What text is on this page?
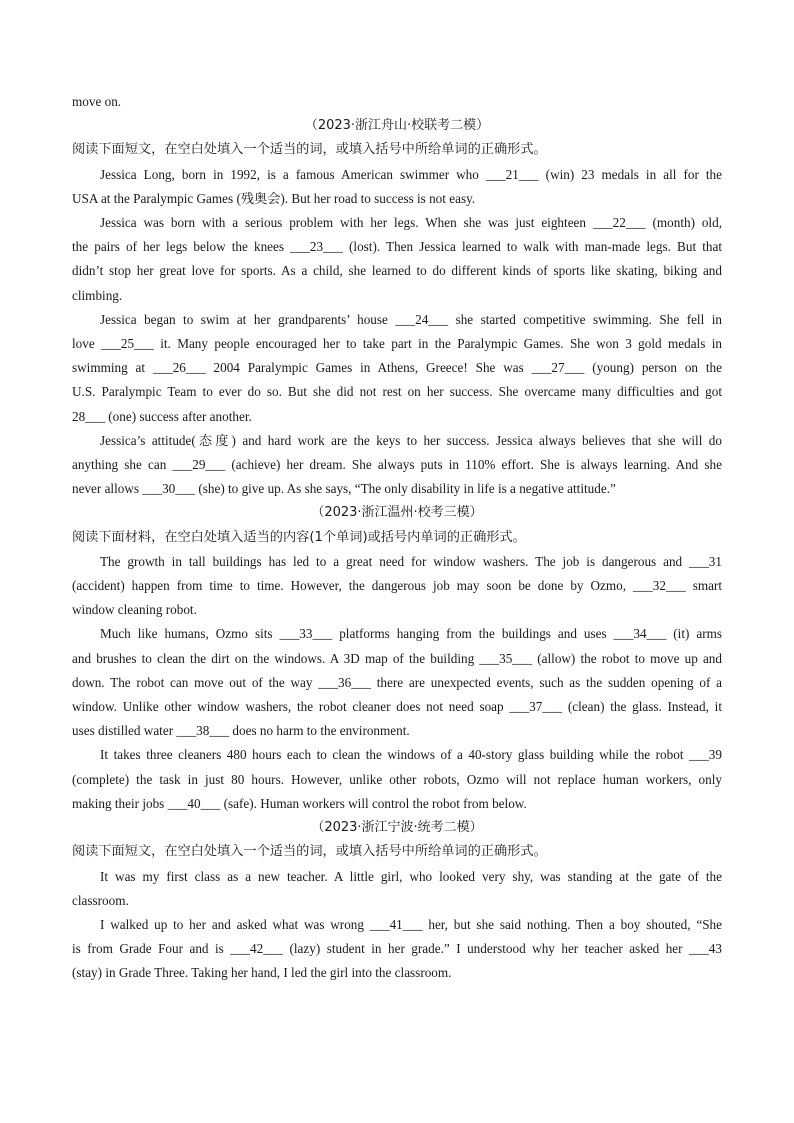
move on.
（2023·浙江舟山·校联考二模）
阅读下面短文，在空白处填入一个适当的词，或填入括号中所给单词的正确形式。
Jessica Long, born in 1992, is a famous American swimmer who ___21___ (win) 23 medals in all for the
USA at the Paralympic Games (残奥会). But her road to success is not easy.
Jessica was born with a serious problem with her legs. When she was just eighteen ___22___ (month) old,
the pairs of her legs below the knees ___23___ (lost). Then Jessica learned to walk with man-made legs. But that
didn’t stop her great love for sports. As a child, she learned to do different kinds of sports like skating, biking and
climbing.
Jessica began to swim at her grandparents’ house ___24___ she started competitive swimming. She fell in
love ___25___ it. Many people encouraged her to take part in the Paralympic Games. She won 3 gold medals in
swimming at ___26___ 2004 Paralympic Games in Athens, Greece! She was ___27___ (young) person on the
U.S. Paralympic Team to ever do so. But she did not rest on her success. She overcame many difficulties and got
28___ (one) success after another.
Jessica’s attitude(态度) and hard work are the keys to her success. Jessica always believes that she will do
anything she can ___29___ (achieve) her dream. She always puts in 110% effort. She is always learning. And she
never allows ___30___ (she) to give up. As she says, “The only disability in life is a negative attitude.”
（2023·浙江温州·校考三模）
阅读下面材料，在空白处填入适当的内容(1个单词)或括号内单词的正确形式。
The growth in tall buildings has led to a great need for window washers. The job is dangerous and ___31
(accident) happen from time to time. However, the dangerous job may soon be done by Ozmo, ___32___ smart
window cleaning robot.
Much like humans, Ozmo sits ___33___ platforms hanging from the buildings and uses ___34___ (it) arms
and brushes to clean the dirt on the windows. A 3D map of the building ___35___ (allow) the robot to move up and
down. The robot can move out of the way ___36___ there are unexpected events, such as the sudden opening of a
window. Unlike other window washers, the robot cleaner does not need soap ___37___ (clean) the glass. Instead, it
uses distilled water ___38___ does no harm to the environment.
It takes three cleaners 480 hours each to clean the windows of a 40-story glass building while the robot ___39
(complete) the task in just 80 hours. However, unlike other robots, Ozmo will not replace human workers, only
making their jobs ___40___ (safe). Human workers will control the robot from below.
（2023·浙江宁波·统考二模）
阅读下面短文，在空白处填入一个适当的词，或填入括号中所给单词的正确形式。
It was my first class as a new teacher. A little girl, who looked very shy, was standing at the gate of the
classroom.
I walked up to her and asked what was wrong ___41___ her, but she said nothing. Then a boy shouted, “She
is from Grade Four and is ___42___ (lazy) student in her grade.” I understood why her teacher asked her ___43
(stay) in Grade Three. Taking her hand, I led the girl into the classroom.
